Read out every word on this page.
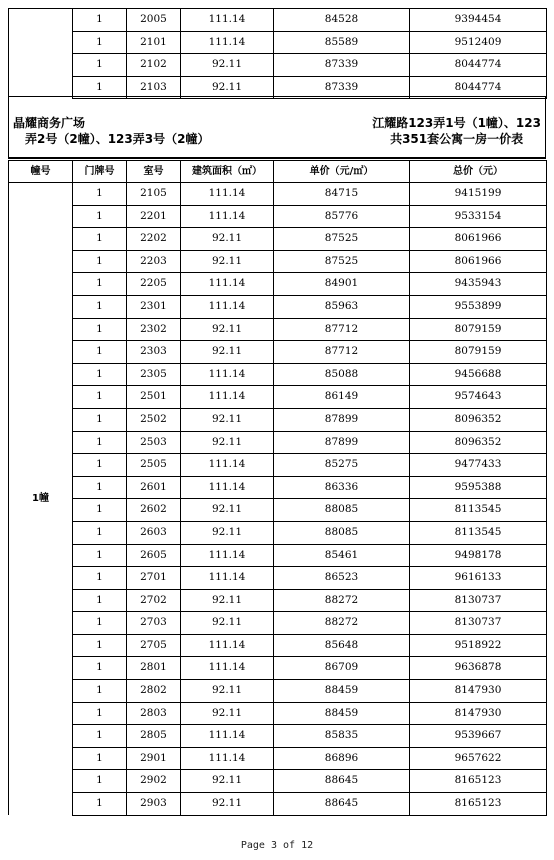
	1	2005	111.14	84528	9394454
	1	2101	111.14	85589	9512409
	1	2102	92.11	87339	8044774
	1	2103	92.11	87339	8044774
晶耀商务广场
弄2号（2幢）、123弄3号（2幢）
江耀路123弄1号（1幢）、123
共351套公寓一房一价表
幢号	门牌号	室号	建筑面积（㎡）	单价（元/㎡）	总价（元）
1幢	1	2105	111.14	84715	9415199
	1	2201	111.14	85776	9533154
	1	2202	92.11	87525	8061966
	1	2203	92.11	87525	8061966
	1	2205	111.14	84901	9435943
	1	2301	111.14	85963	9553899
	1	2302	92.11	87712	8079159
	1	2303	92.11	87712	8079159
	1	2305	111.14	85088	9456688
	1	2501	111.14	86149	9574643
	1	2502	92.11	87899	8096352
	1	2503	92.11	87899	8096352
	1	2505	111.14	85275	9477433
	1	2601	111.14	86336	9595388
	1	2602	92.11	88085	8113545
	1	2603	92.11	88085	8113545
	1	2605	111.14	85461	9498178
	1	2701	111.14	86523	9616133
	1	2702	92.11	88272	8130737
	1	2703	92.11	88272	8130737
	1	2705	111.14	85648	9518922
	1	2801	111.14	86709	9636878
	1	2802	92.11	88459	8147930
	1	2803	92.11	88459	8147930
	1	2805	111.14	85835	9539667
	1	2901	111.14	86896	9657622
	1	2902	92.11	88645	8165123
	1	2903	92.11	88645	8165123
Page 3 of 12
